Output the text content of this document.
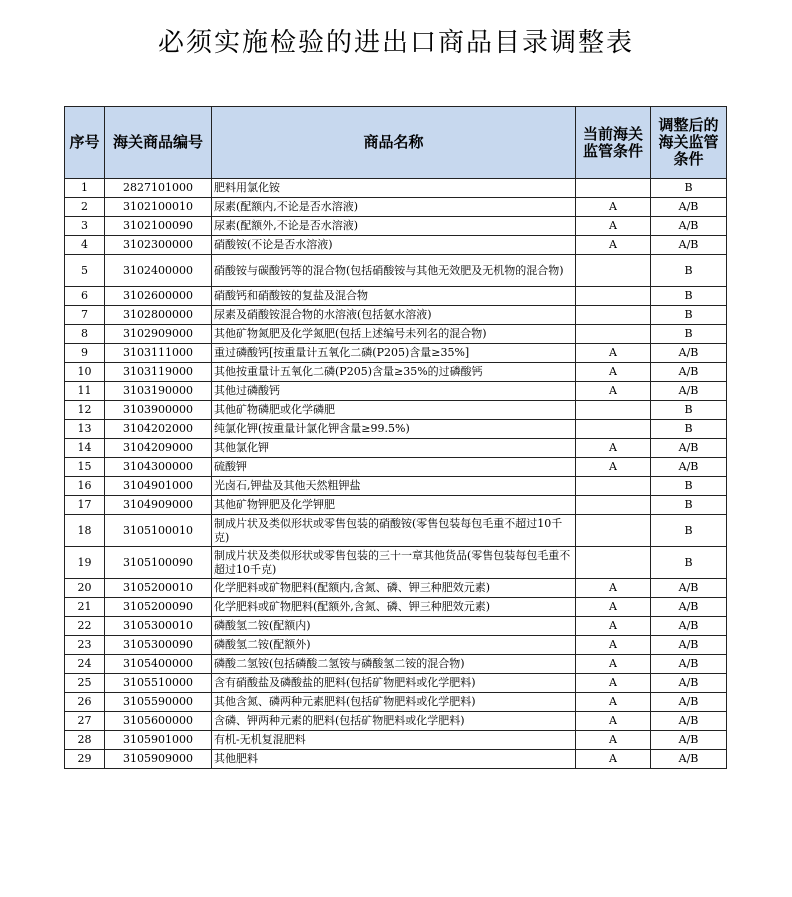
必须实施检验的进出口商品目录调整表
序号	海关商品编号	商品名称	当前海关监管条件	调整后的海关监管条件
1	2827101000	肥料用氯化铵		B
2	3102100010	尿素(配额内,不论是否水溶液)	A	A/B
3	3102100090	尿素(配额外,不论是否水溶液)	A	A/B
4	3102300000	硝酸铵(不论是否水溶液)	A	A/B
5	3102400000	硝酸铵与碳酸钙等的混合物(包括硝酸铵与其他无效肥及无机物的混合物)		B
6	3102600000	硝酸钙和硝酸铵的复盐及混合物		B
7	3102800000	尿素及硝酸铵混合物的水溶液(包括氨水溶液)		B
8	3102909000	其他矿物氮肥及化学氮肥(包括上述编号未列名的混合物)		B
9	3103111000	重过磷酸钙[按重量计五氧化二磷(P205)含量≥35%]	A	A/B
10	3103119000	其他按重量计五氧化二磷(P205)含量≥35%的过磷酸钙	A	A/B
11	3103190000	其他过磷酸钙	A	A/B
12	3103900000	其他矿物磷肥或化学磷肥		B
13	3104202000	纯氯化钾(按重量计氯化钾含量≥99.5%)		B
14	3104209000	其他氯化钾	A	A/B
15	3104300000	硫酸钾	A	A/B
16	3104901000	光卤石,钾盐及其他天然粗钾盐		B
17	3104909000	其他矿物钾肥及化学钾肥		B
18	3105100010	制成片状及类似形状或零售包装的硝酸铵(零售包装每包毛重不超过10千克)		B
19	3105100090	制成片状及类似形状或零售包装的三十一章其他货品(零售包装每包毛重不超过10千克)		B
20	3105200010	化学肥料或矿物肥料(配额内,含氮、磷、钾三种肥效元素)	A	A/B
21	3105200090	化学肥料或矿物肥料(配额外,含氮、磷、钾三种肥效元素)	A	A/B
22	3105300010	磷酸氢二铵(配额内)	A	A/B
23	3105300090	磷酸氢二铵(配额外)	A	A/B
24	3105400000	磷酸二氢铵(包括磷酸二氢铵与磷酸氢二铵的混合物)	A	A/B
25	3105510000	含有硝酸盐及磷酸盐的肥料(包括矿物肥料或化学肥料)	A	A/B
26	3105590000	其他含氮、磷两种元素肥料(包括矿物肥料或化学肥料)	A	A/B
27	3105600000	含磷、钾两种元素的肥料(包括矿物肥料或化学肥料)	A	A/B
28	3105901000	有机-无机复混肥料	A	A/B
29	3105909000	其他肥料	A	A/B
